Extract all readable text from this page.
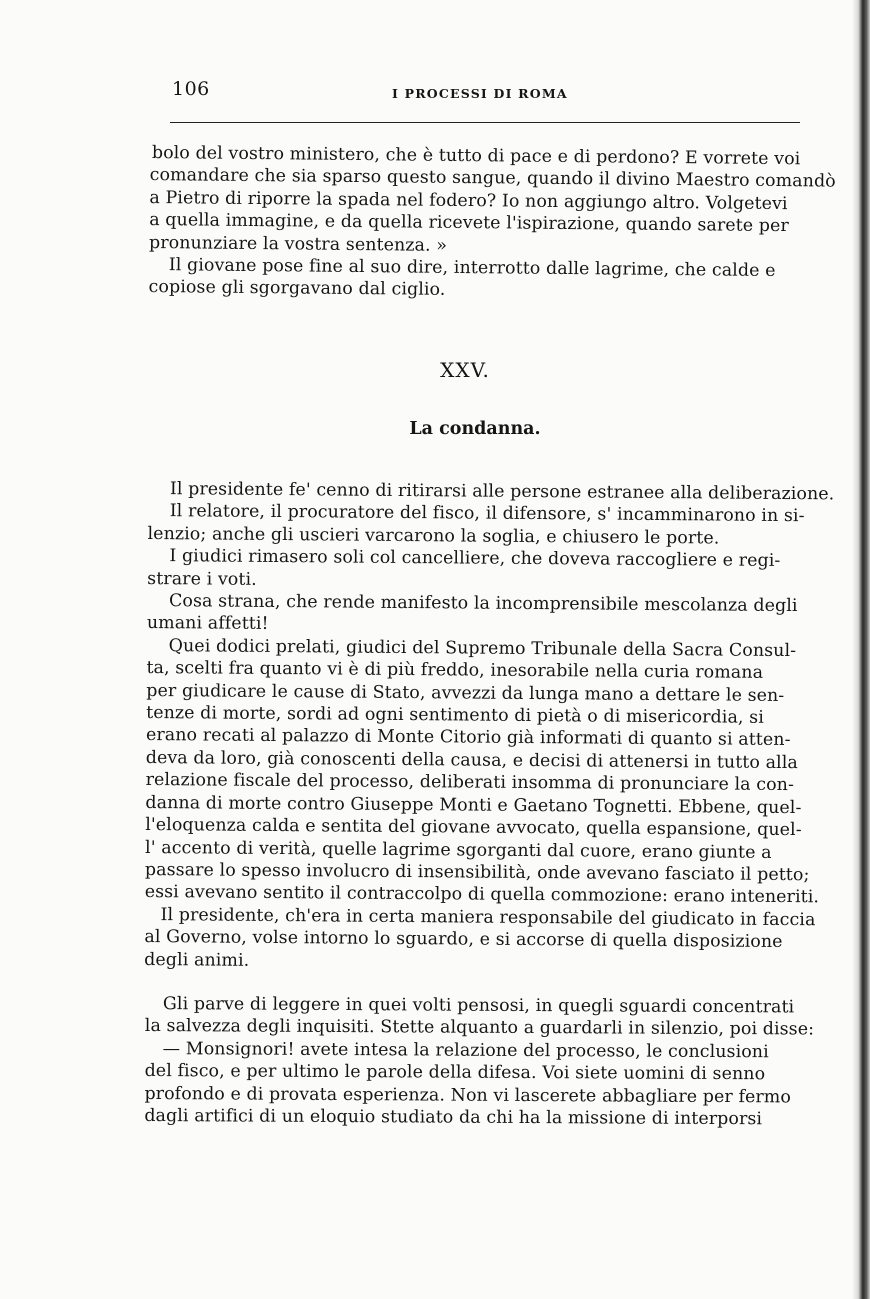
106	I PROCESSI DI ROMA
bolo del vostro ministero, che è tutto di pace e di perdono? E vorrete voi
comandare che sia sparso questo sangue, quando il divino Maestro comandò
a Pietro di riporre la spada nel fodero? Io non aggiungo altro. Volgetevi
a quella immagine, e da quella ricevete l'ispirazione, quando sarete per
pronunziare la vostra sentenza. »
Il giovane pose fine al suo dire, interrotto dalle lagrime, che calde e
copiose gli sgorgavano dal ciglio.
XXV.
La condanna.
Il presidente fe' cenno di ritirarsi alle persone estranee alla deliberazione.
Il relatore, il procuratore del fisco, il difensore, s' incamminarono in si-
lenzio; anche gli uscieri varcarono la soglia, e chiusero le porte.
I giudici rimasero soli col cancelliere, che doveva raccogliere e regi-
strare i voti.
Cosa strana, che rende manifesto la incomprensibile mescolanza degli
umani affetti!
Quei dodici prelati, giudici del Supremo Tribunale della Sacra Consul-
ta, scelti fra quanto vi è di più freddo, inesorabile nella curia romana
per giudicare le cause di Stato, avvezzi da lunga mano a dettare le sen-
tenze di morte, sordi ad ogni sentimento di pietà o di misericordia, si
erano recati al palazzo di Monte Citorio già informati di quanto si atten-
deva da loro, già conoscenti della causa, e decisi di attenersi in tutto alla
relazione fiscale del processo, deliberati insomma di pronunciare la con-
danna di morte contro Giuseppe Monti e Gaetano Tognetti. Ebbene, quel-
l'eloquenza calda e sentita del giovane avvocato, quella espansione, quel-
l' accento di verità, quelle lagrime sgorganti dal cuore, erano giunte a
passare lo spesso involucro di insensibilità, onde avevano fasciato il petto;
essi avevano sentito il contraccolpo di quella commozione: erano inteneriti.
Il presidente, ch'era in certa maniera responsabile del giudicato in faccia
al Governo, volse intorno lo sguardo, e si accorse di quella disposizione
degli animi.
Gli parve di leggere in quei volti pensosi, in quegli sguardi concentrati
la salvezza degli inquisiti. Stette alquanto a guardarli in silenzio, poi disse:
— Monsignori! avete intesa la relazione del processo, le conclusioni
del fisco, e per ultimo le parole della difesa. Voi siete uomini di senno
profondo e di provata esperienza. Non vi lascerete abbagliare per fermo
dagli artifici di un eloquio studiato da chi ha la missione di interporsi
